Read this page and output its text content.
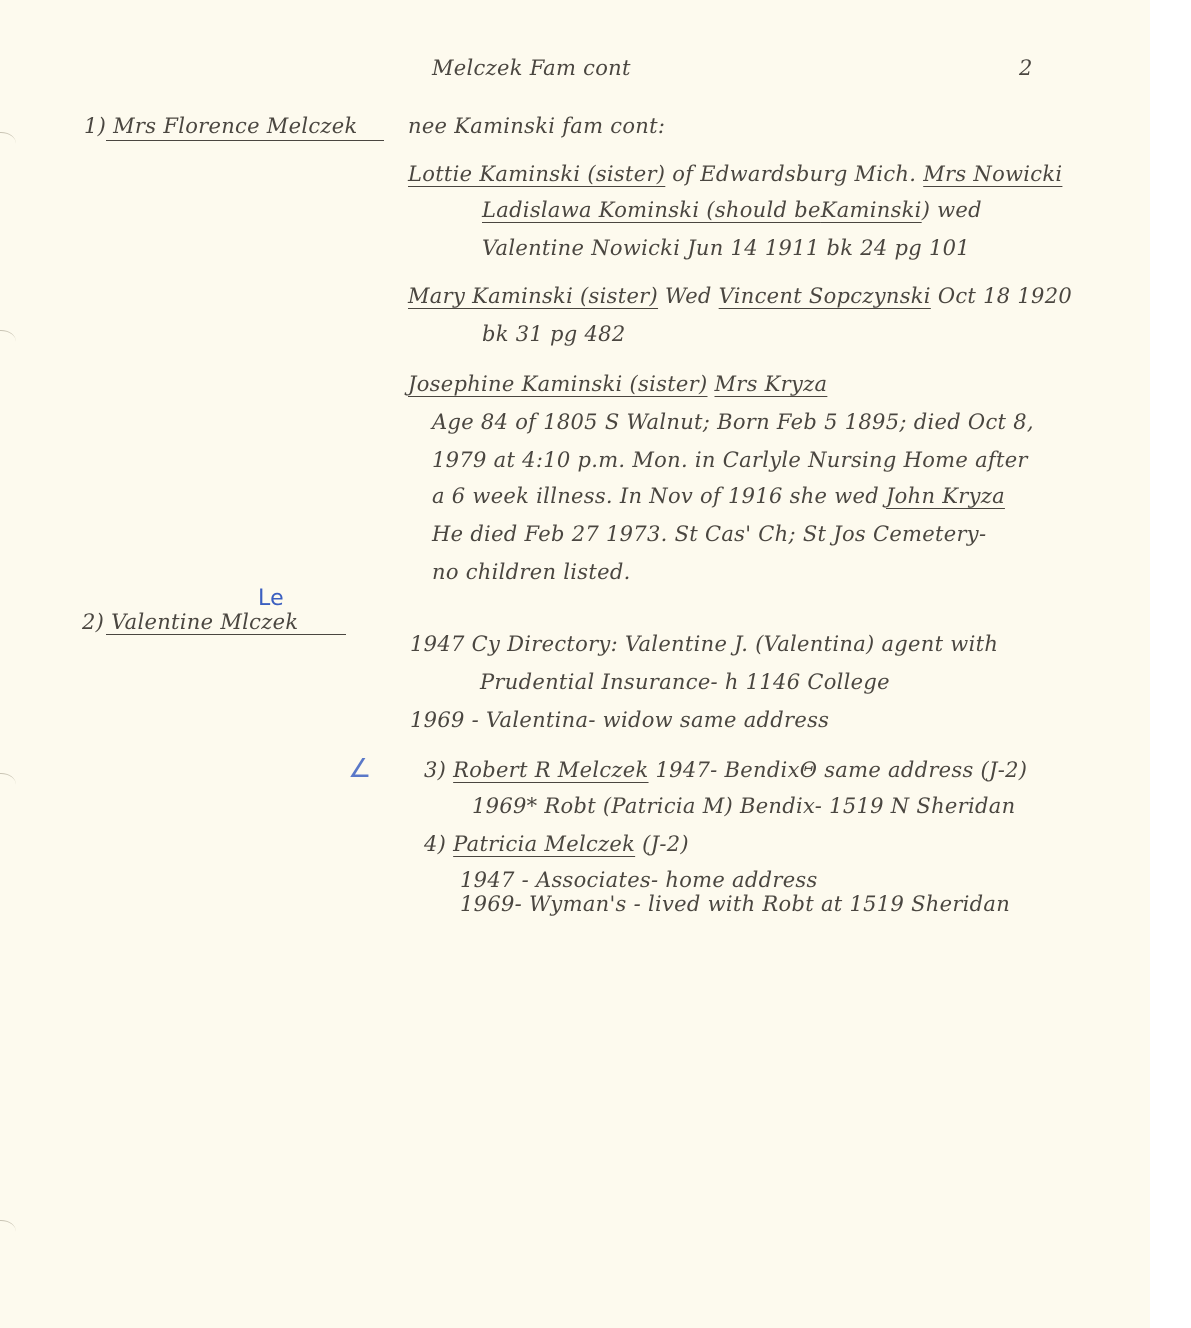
Melczek Fam cont	2
1) Mrs Florence Melczek nee Kaminski fam cont:
Lottie Kaminski (sister) of Edwardsburg Mich. Mrs Nowicki
Ladislawa Kominski (should beKaminski) wed
Valentine Nowicki Jun 14 1911 bk 24 pg 101
Mary Kaminski (sister) Wed Vincent Sopczynski Oct 18 1920
bk 31 pg 482
Josephine Kaminski (sister) Mrs Kryza
Age 84 of 1805 S Walnut; Born Feb 5 1895; died Oct 8,
1979 at 4:10 p.m. Mon. in Carlyle Nursing Home after
a 6 week illness. In Nov of 1916 she wed John Kryza
He died Feb 27 1973. St Cas' Ch; St Jos Cemetery-
no children listed.
2) Valentine Mlczek
Le
1947 Cy Directory: Valentine J. (Valentina) agent with
Prudential Insurance- h 1146 College
1969 - Valentina- widow same address
∠	3) Robert R Melczek 1947- BendixΘ same address (J-2)
1969* Robt (Patricia M) Bendix- 1519 N Sheridan
4) Patricia Melczek (J-2)
1947 - Associates- home address
1969- Wyman's - lived with Robt at 1519 Sheridan
